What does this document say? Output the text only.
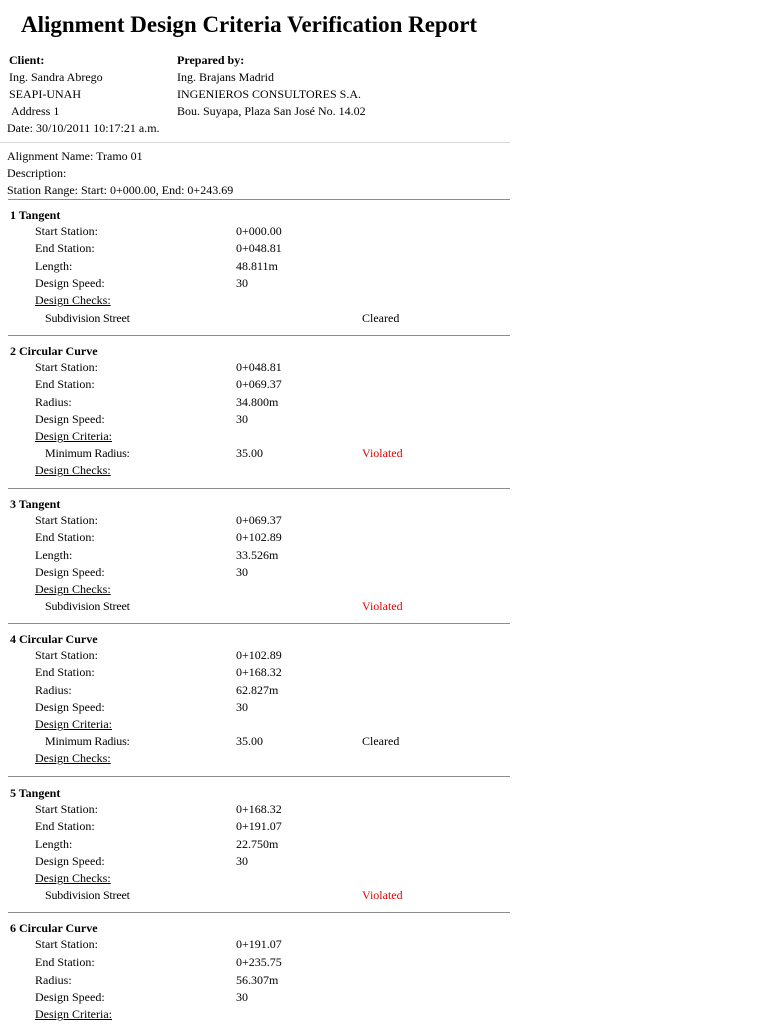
Alignment Design Criteria Verification Report
Client:
Ing. Sandra Abrego
SEAPI-UNAH
Address 1
Prepared by:
Ing. Brajans Madrid
INGENIEROS CONSULTORES S.A.
Bou. Suyapa, Plaza San José No. 14.02
Date: 30/10/2011 10:17:21 a.m.
Alignment Name: Tramo 01
Description:
Station Range: Start: 0+000.00, End: 0+243.69
1 Tangent
Start Station:	0+000.00
End Station:	0+048.81
Length:	48.811m
Design Speed:	30
Design Checks:
Subdivision Street	Cleared
2 Circular Curve
Start Station:	0+048.81
End Station:	0+069.37
Radius:	34.800m
Design Speed:	30
Design Criteria:
Minimum Radius:	35.00	Violated
Design Checks:
3 Tangent
Start Station:	0+069.37
End Station:	0+102.89
Length:	33.526m
Design Speed:	30
Design Checks:
Subdivision Street	Violated
4 Circular Curve
Start Station:	0+102.89
End Station:	0+168.32
Radius:	62.827m
Design Speed:	30
Design Criteria:
Minimum Radius:	35.00	Cleared
Design Checks:
5 Tangent
Start Station:	0+168.32
End Station:	0+191.07
Length:	22.750m
Design Speed:	30
Design Checks:
Subdivision Street	Violated
6 Circular Curve
Start Station:	0+191.07
End Station:	0+235.75
Radius:	56.307m
Design Speed:	30
Design Criteria:
